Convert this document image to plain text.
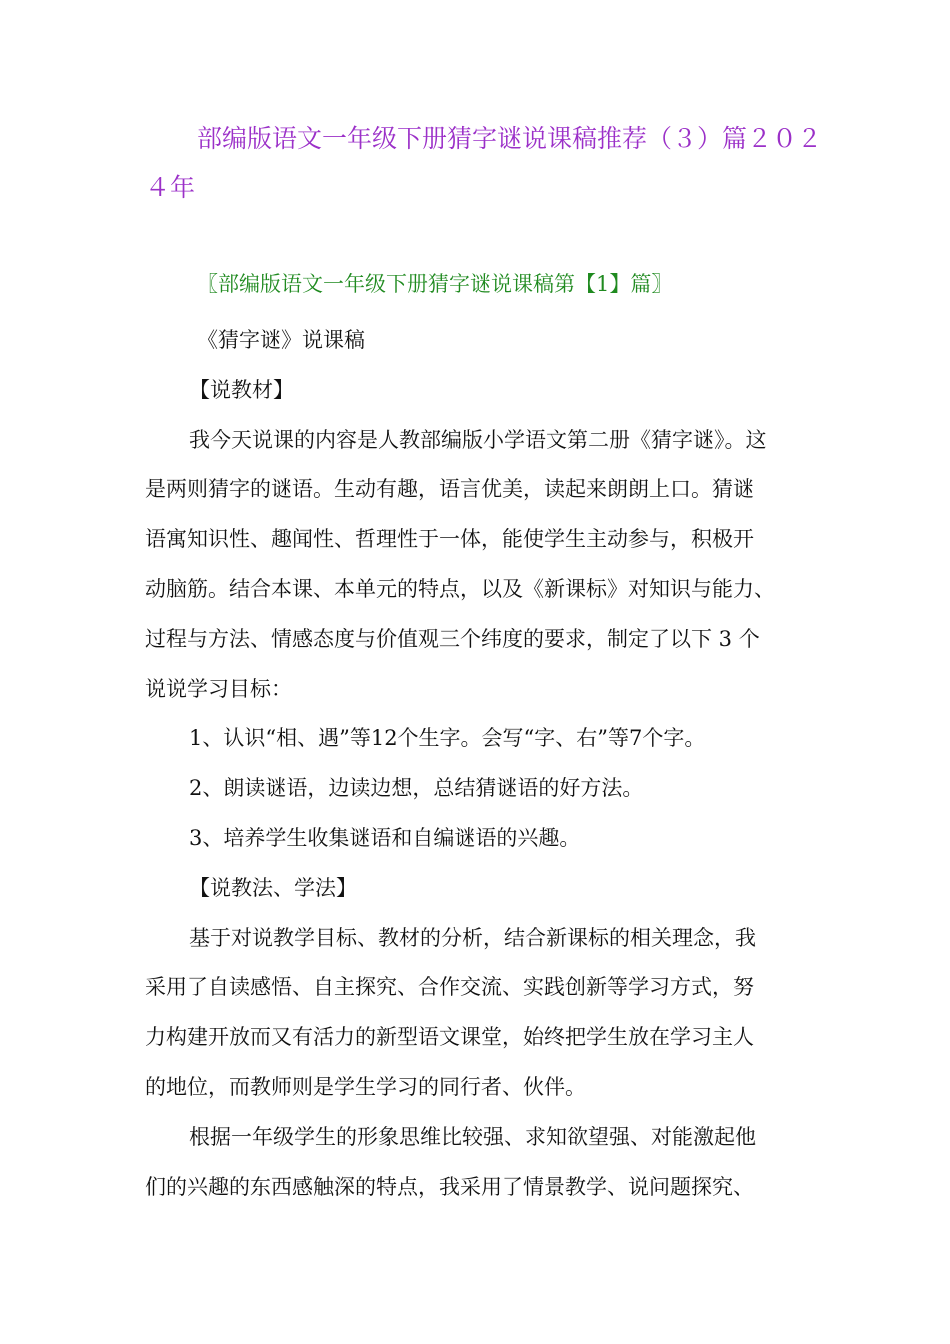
部编版语文一年级下册猜字谜说课稿推荐（３）篇２０２４年
〖部编版语文一年级下册猜字谜说课稿第【1】篇〗

《猜字谜》说课稿

【说教材】

我今天说课的内容是人教部编版小学语文第二册《猜字谜》。这
是两则猜字的谜语。生动有趣，语言优美，读起来朗朗上口。猜谜
语寓知识性、趣闻性、哲理性于一体，能使学生主动参与，积极开
动脑筋。结合本课、本单元的特点，以及《新课标》对知识与能力、
过程与方法、情感态度与价值观三个纬度的要求，制定了以下 3 个
说说学习目标：

1、认识“相、遇”等12个生字。会写“字、右”等7个字。

2、朗读谜语，边读边想，总结猜谜语的好方法。

3、培养学生收集谜语和自编谜语的兴趣。

【说教法、学法】

基于对说教学目标、教材的分析，结合新课标的相关理念，我
采用了自读感悟、自主探究、合作交流、实践创新等学习方式，努
力构建开放而又有活力的新型语文课堂，始终把学生放在学习主人
的地位，而教师则是学生学习的同行者、伙伴。

根据一年级学生的形象思维比较强、求知欲望强、对能激起他
们的兴趣的东西感触深的特点，我采用了情景教学、说问题探究、
